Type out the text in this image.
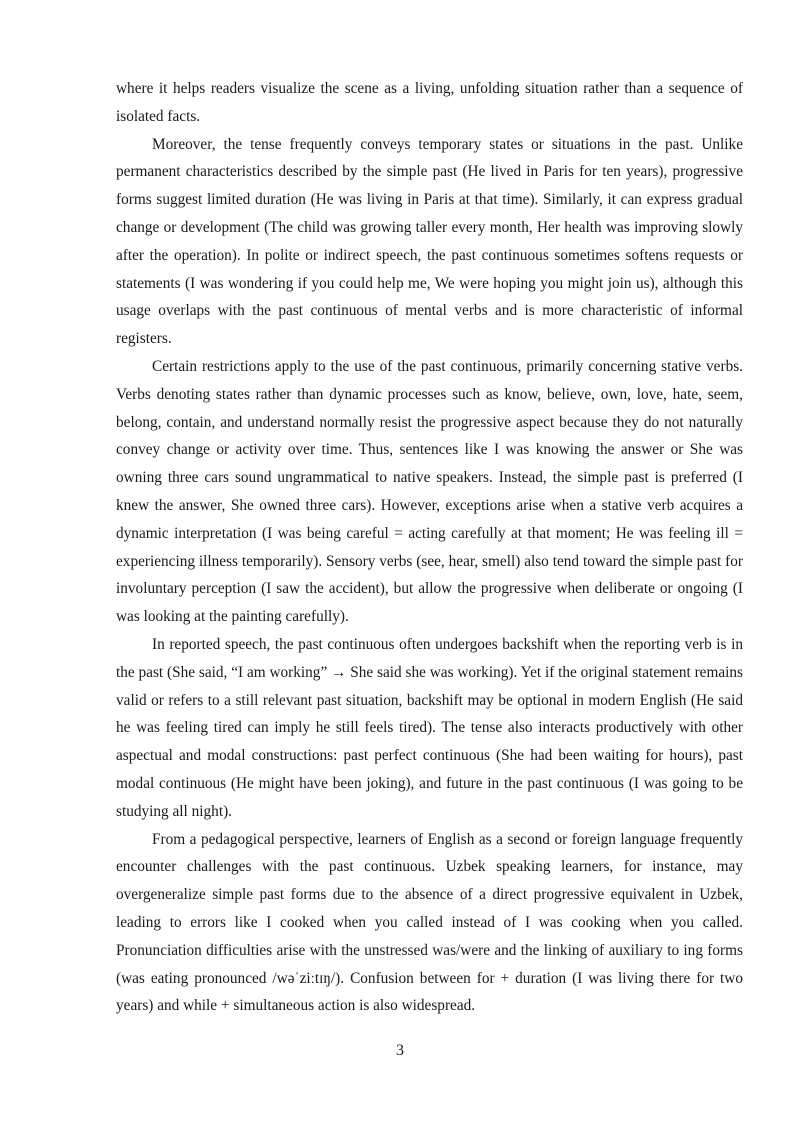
where it helps readers visualize the scene as a living, unfolding situation rather than a sequence of isolated facts.

Moreover, the tense frequently conveys temporary states or situations in the past. Unlike permanent characteristics described by the simple past (He lived in Paris for ten years), progressive forms suggest limited duration (He was living in Paris at that time). Similarly, it can express gradual change or development (The child was growing taller every month, Her health was improving slowly after the operation). In polite or indirect speech, the past continuous sometimes softens requests or statements (I was wondering if you could help me, We were hoping you might join us), although this usage overlaps with the past continuous of mental verbs and is more characteristic of informal registers.

Certain restrictions apply to the use of the past continuous, primarily concerning stative verbs. Verbs denoting states rather than dynamic processes such as know, believe, own, love, hate, seem, belong, contain, and understand normally resist the progressive aspect because they do not naturally convey change or activity over time. Thus, sentences like I was knowing the answer or She was owning three cars sound ungrammatical to native speakers. Instead, the simple past is preferred (I knew the answer, She owned three cars). However, exceptions arise when a stative verb acquires a dynamic interpretation (I was being careful = acting carefully at that moment; He was feeling ill = experiencing illness temporarily). Sensory verbs (see, hear, smell) also tend toward the simple past for involuntary perception (I saw the accident), but allow the progressive when deliberate or ongoing (I was looking at the painting carefully).

In reported speech, the past continuous often undergoes backshift when the reporting verb is in the past (She said, “I am working” → She said she was working). Yet if the original statement remains valid or refers to a still relevant past situation, backshift may be optional in modern English (He said he was feeling tired can imply he still feels tired). The tense also interacts productively with other aspectual and modal constructions: past perfect continuous (She had been waiting for hours), past modal continuous (He might have been joking), and future in the past continuous (I was going to be studying all night).

From a pedagogical perspective, learners of English as a second or foreign language frequently encounter challenges with the past continuous. Uzbek speaking learners, for instance, may overgeneralize simple past forms due to the absence of a direct progressive equivalent in Uzbek, leading to errors like I cooked when you called instead of I was cooking when you called. Pronunciation difficulties arise with the unstressed was/were and the linking of auxiliary to ing forms (was eating pronounced /wəˈziːtɪŋ/). Confusion between for + duration (I was living there for two years) and while + simultaneous action is also widespread.

3
